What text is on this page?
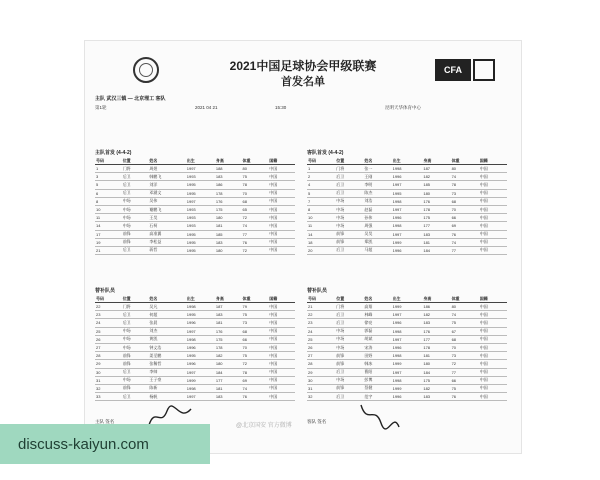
2021中国足球协会甲级联赛
首发名单
CFA
主队 武汉三镇 — 北京理工 客队
第1轮	2021 04 21	15:30	昆明天华体育中心
主队首发 (4-4-2)	客队首发 (4-4-2)
号码	位置	姓名	出生	身高	体重	国籍
1	门将	周煜	1997	188	80	中国
3	后卫	韩鹏飞	1993	183	75	中国
5	后卫	刘洋	1995	186	78	中国
6	后卫	邓涵文	1995	178	70	中国
8	中场	吴伟	1997	176	68	中国
10	中场	谢鹏飞	1993	175	65	中国
11	中场	王昊	1993	180	72	中国
14	中场	石柯	1993	181	74	中国
17	前锋	高准翼	1995	185	77	中国
19	前锋	李松益	1995	183	76	中国
21	后卫	蒋哲	1995	180	72	中国
号码	位置	姓名	出生	身高	体重	国籍
1	门将	张一	1998	187	80	中国
2	后卫	王刚	1996	182	74	中国
4	后卫	李明	1997	185	78	中国
5	后卫	陈杰	1995	180	73	中国
7	中场	刘浩	1998	176	68	中国
8	中场	赵磊	1997	178	70	中国
10	中场	孙伟	1996	175	66	中国
11	中场	周强	1998	177	69	中国
14	前锋	吴昊	1997	183	76	中国
18	前锋	郑凯	1999	181	74	中国
20	后卫	马超	1996	184	77	中国
替补队员	替补队员
号码	位置	姓名	出生	身高	体重	国籍
22	门将	吴凡	1998	187	79	中国
23	后卫	何超	1995	183	75	中国
24	后卫	张晨	1996	181	73	中国
25	中场	刘杰	1997	176	68	中国
26	中场	黄凯	1998	175	66	中国
27	中场	钟义浩	1996	178	70	中国
28	前锋	姜至鹏	1995	182	75	中国
29	前锋	张稀哲	1996	180	72	中国
30	后卫	李帅	1997	184	78	中国
31	中场	王子豪	1999	177	69	中国
32	前锋	陈新	1998	181	74	中国
33	后卫	杨帆	1997	183	76	中国
号码	位置	姓名	出生	身高	体重	国籍
21	门将	高翔	1999	186	80	中国
22	后卫	林峰	1997	182	74	中国
23	后卫	徐亮	1996	183	75	中国
24	中场	郭磊	1998	176	67	中国
25	中场	胡斌	1997	177	68	中国
26	中场	宋涛	1996	178	70	中国
27	前锋	田野	1998	181	73	中国
28	前锋	韩冰	1999	180	72	中国
29	后卫	曹阳	1997	184	77	中国
30	中场	彭博	1998	175	66	中国
31	前锋	蔡健	1999	182	75	中国
32	后卫	范宇	1996	183	76	中国
主队 签名	客队 签名
@北京国安 官方微博
discuss-kaiyun.com
